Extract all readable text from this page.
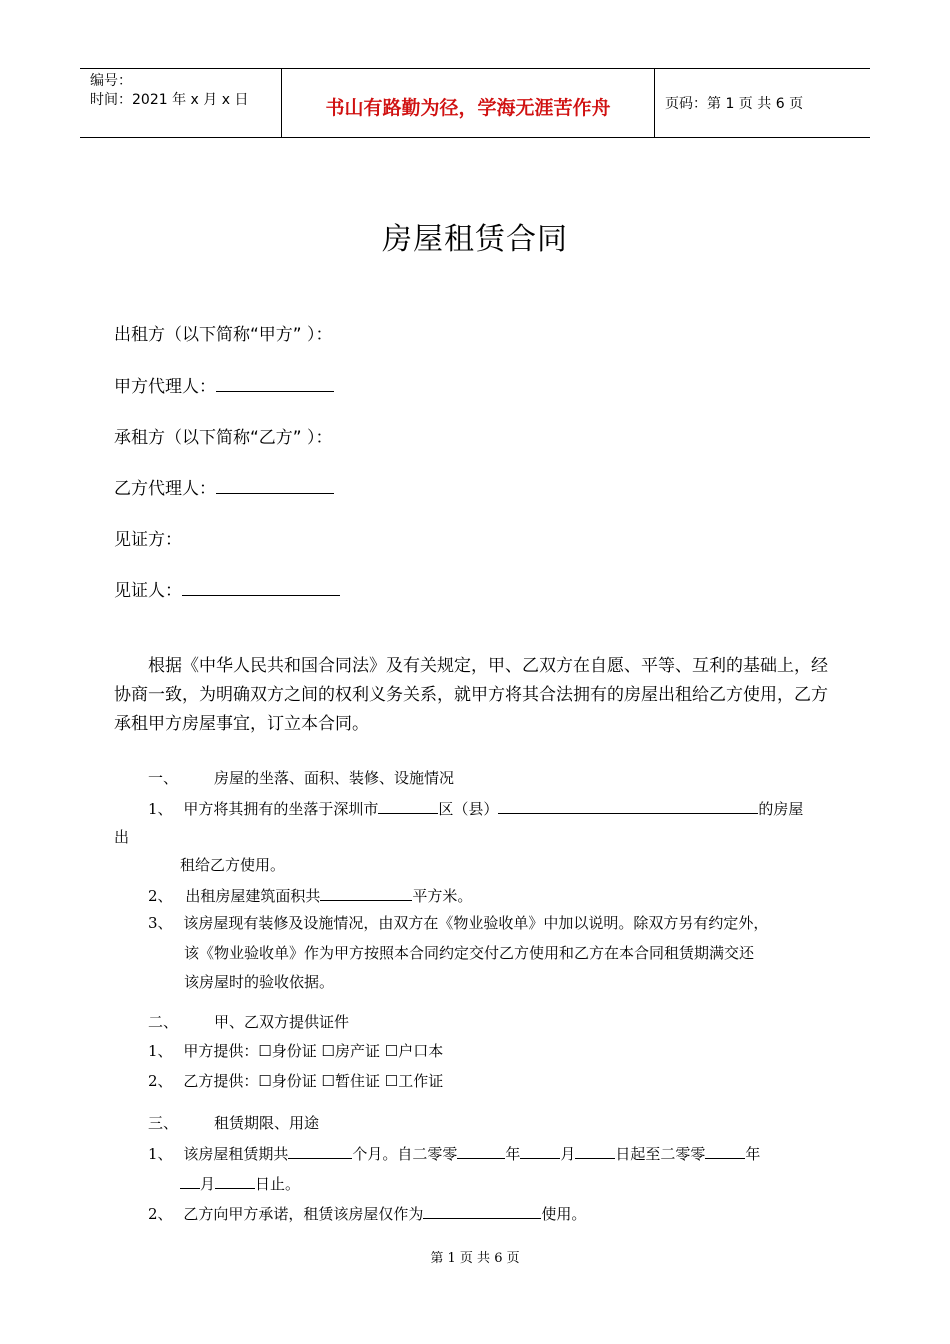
编号：
时间：2021 年 x 月 x 日	书山有路勤为径，学海无涯苦作舟	页码：第 1 页 共 6 页
房屋租赁合同
出租方（以下简称“甲方” ）：
甲方代理人：
承租方（以下简称“乙方” ）：
乙方代理人：
见证方：
见证人：
根据《中华人民共和国合同法》及有关规定，甲、乙双方在自愿、平等、互利的基础上，经协商一致，为明确双方之间的权利义务关系，就甲方将其合法拥有的房屋出租给乙方使用，乙方承租甲方房屋事宜，订立本合同。
一、 房屋的坐落、面积、装修、设施情况
1、 甲方将其拥有的坐落于深圳市	区（县）	的房屋
出
租给乙方使用。
2、 出租房屋建筑面积共	平方米。
3、 该房屋现有装修及设施情况，由双方在《物业验收单》中加以说明。除双方另有约定外，
该《物业验收单》作为甲方按照本合同约定交付乙方使用和乙方在本合同租赁期满交还
该房屋时的验收依据。
二、 甲、乙双方提供证件
1、 甲方提供：☐身份证 ☐房产证 ☐户口本
2、 乙方提供：☐身份证 ☐暂住证 ☐工作证
三、 租赁期限、用途
1、 该房屋租赁期共	个月。自二零零	年	月	日起至二零零	年
月	日止。
2、 乙方向甲方承诺，租赁该房屋仅作为	使用。
第 1 页 共 6 页
